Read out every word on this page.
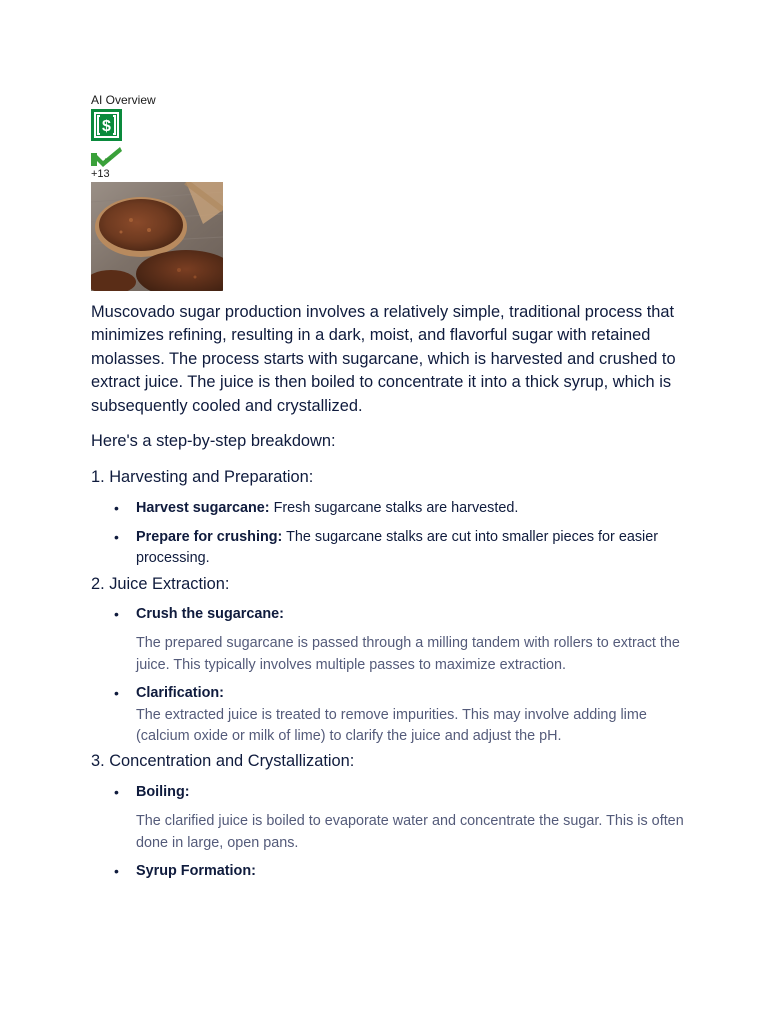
AI Overview
$
+13

Muscovado sugar production involves a relatively simple, traditional process that minimizes refining, resulting in a dark, moist, and flavorful sugar with retained molasses. The process starts with sugarcane, which is harvested and crushed to extract juice. The juice is then boiled to concentrate it into a thick syrup, which is subsequently cooled and crystallized.

Here's a step-by-step breakdown:

1. Harvesting and Preparation:

• Harvest sugarcane: Fresh sugarcane stalks are harvested.
• Prepare for crushing: The sugarcane stalks are cut into smaller pieces for easier processing.

2. Juice Extraction:

• Crush the sugarcane:
The prepared sugarcane is passed through a milling tandem with rollers to extract the juice. This typically involves multiple passes to maximize extraction.
• Clarification:
The extracted juice is treated to remove impurities. This may involve adding lime (calcium oxide or milk of lime) to clarify the juice and adjust the pH.

3. Concentration and Crystallization:

• Boiling:
The clarified juice is boiled to evaporate water and concentrate the sugar. This is often done in large, open pans.
• Syrup Formation:
